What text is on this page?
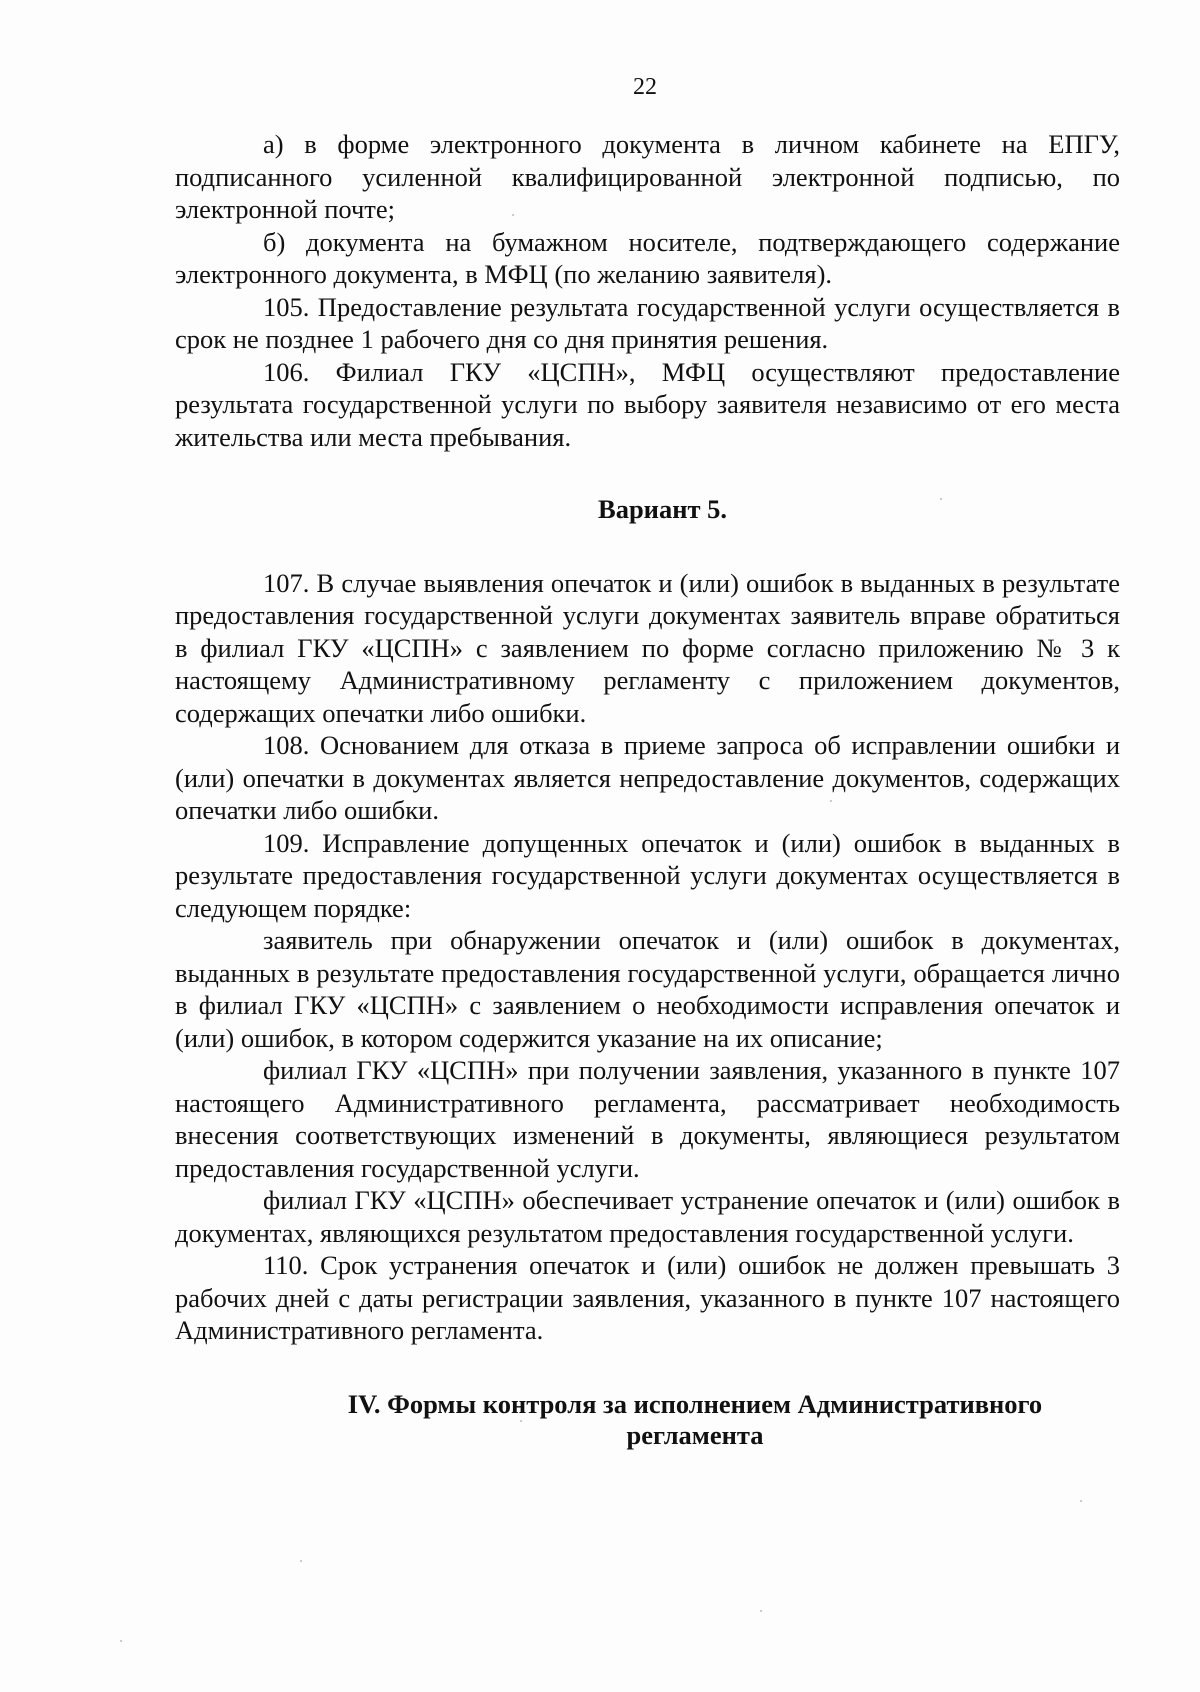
22

а) в форме электронного документа в личном кабинете на ЕПГУ, подписанного усиленной квалифицированной электронной подписью, по электронной почте;

б) документа на бумажном носителе, подтверждающего содержание электронного документа, в МФЦ (по желанию заявителя).

105. Предоставление результата государственной услуги осуществляется в срок не позднее 1 рабочего дня со дня принятия решения.

106. Филиал ГКУ «ЦСПН», МФЦ осуществляют предоставление результата государственной услуги по выбору заявителя независимо от его места жительства или места пребывания.

Вариант 5.

107. В случае выявления опечаток и (или) ошибок в выданных в результате предоставления государственной услуги документах заявитель вправе обратиться в филиал ГКУ «ЦСПН» с заявлением по форме согласно приложению № 3 к настоящему Административному регламенту с приложением документов, содержащих опечатки либо ошибки.

108. Основанием для отказа в приеме запроса об исправлении ошибки и (или) опечатки в документах является непредоставление документов, содержащих опечатки либо ошибки.

109. Исправление допущенных опечаток и (или) ошибок в выданных в результате предоставления государственной услуги документах осуществляется в следующем порядке:

заявитель при обнаружении опечаток и (или) ошибок в документах, выданных в результате предоставления государственной услуги, обращается лично в филиал ГКУ «ЦСПН» с заявлением о необходимости исправления опечаток и (или) ошибок, в котором содержится указание на их описание;

филиал ГКУ «ЦСПН» при получении заявления, указанного в пункте 107 настоящего Административного регламента, рассматривает необходимость внесения соответствующих изменений в документы, являющиеся результатом предоставления государственной услуги.

филиал ГКУ «ЦСПН» обеспечивает устранение опечаток и (или) ошибок в документах, являющихся результатом предоставления государственной услуги.

110. Срок устранения опечаток и (или) ошибок не должен превышать 3 рабочих дней с даты регистрации заявления, указанного в пункте 107 настоящего Административного регламента.

IV. Формы контроля за исполнением Административного
регламента
